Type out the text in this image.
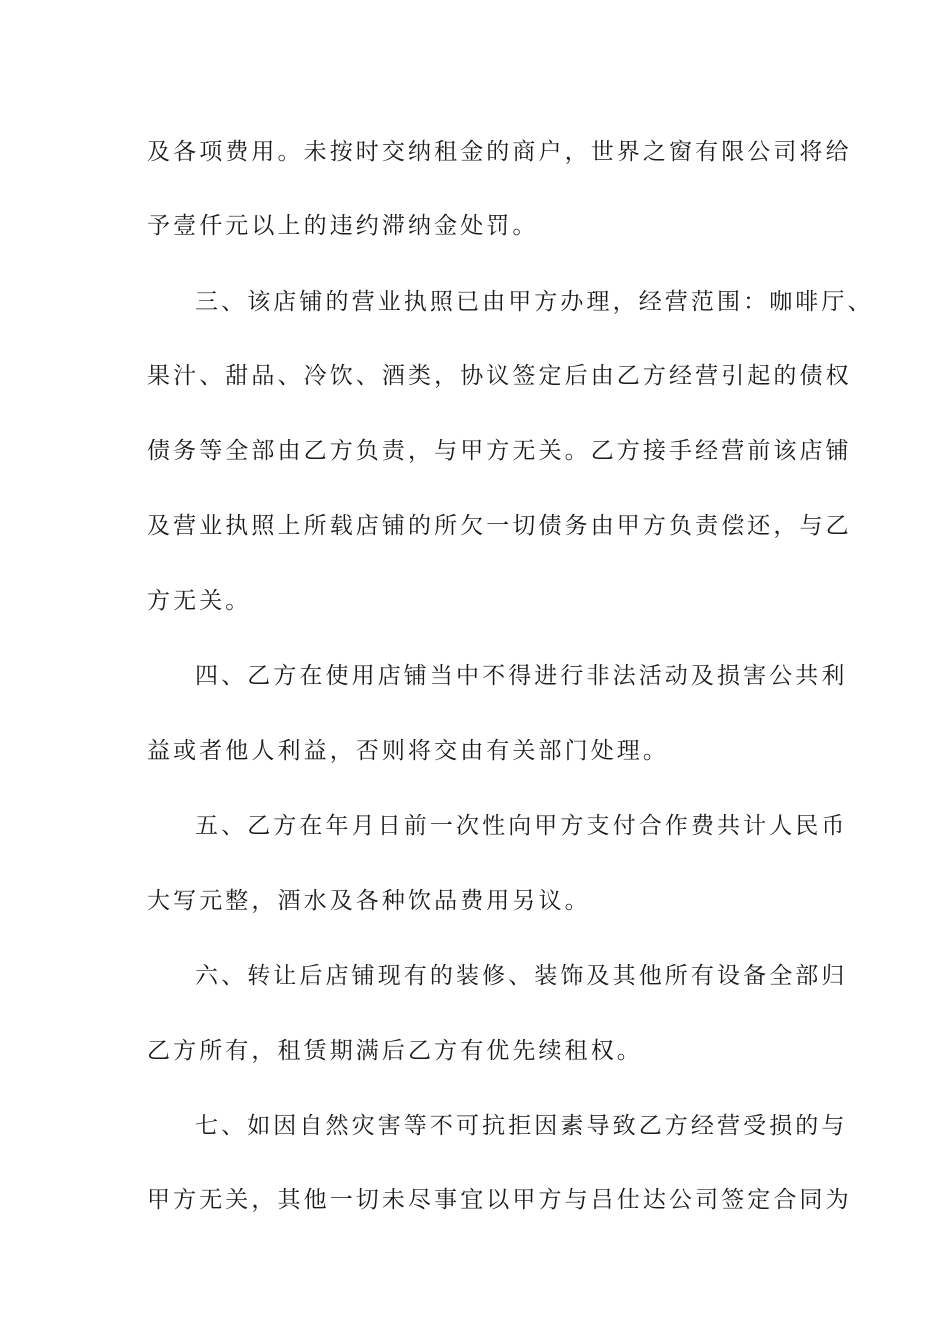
及各项费用。未按时交纳租金的商户，世界之窗有限公司将给

予壹仟元以上的违约滞纳金处罚。

三、该店铺的营业执照已由甲方办理，经营范围：咖啡厅、

果汁、甜品、冷饮、酒类，协议签定后由乙方经营引起的债权

债务等全部由乙方负责，与甲方无关。乙方接手经营前该店铺

及营业执照上所载店铺的所欠一切债务由甲方负责偿还，与乙

方无关。

四、乙方在使用店铺当中不得进行非法活动及损害公共利

益或者他人利益，否则将交由有关部门处理。

五、乙方在年月日前一次性向甲方支付合作费共计人民币

大写元整，酒水及各种饮品费用另议。

六、转让后店铺现有的装修、装饰及其他所有设备全部归

乙方所有，租赁期满后乙方有优先续租权。

七、如因自然灾害等不可抗拒因素导致乙方经营受损的与

甲方无关，其他一切未尽事宜以甲方与吕仕达公司签定合同为
